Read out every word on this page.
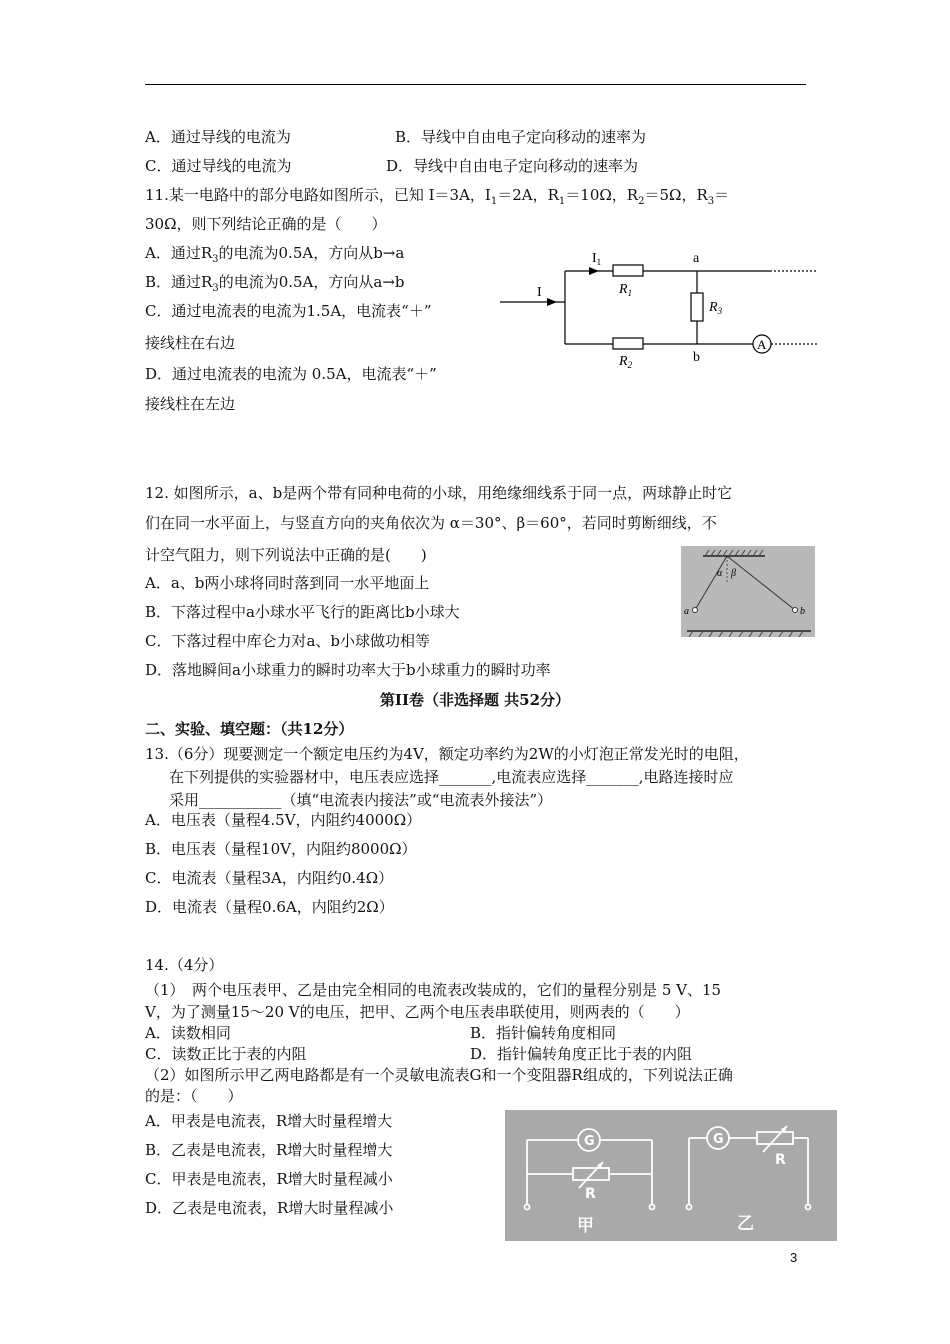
A．通过导线的电流为	B．导线中自由电子定向移动的速率为
C．通过导线的电流为	D．导线中自由电子定向移动的速率为
11.某一电路中的部分电路如图所示，已知 I＝3A，$I_1=2A$，$R_1=10\Omega$，$R_2=5\Omega$，$R_3=$
30Ω，则下列结论正确的是（　　）
A．通过$R_3$的电流为0.5A，方向从b→a
B．通过$R_3$的电流为0.5A，方向从a→b
C．通过电流表的电流为1.5A，电流表“＋”
接线柱在右边
D．通过电流表的电流为 0.5A，电流表“＋”
接线柱在左边
I
$I_1$
$R_1$
$R_2$
$R_3$
a
b
A
12. 如图所示，a、b是两个带有同种电荷的小球，用绝缘细线系于同一点，两球静止时它
们在同一水平面上，与竖直方向的夹角依次为 α＝30°、β＝60°，若同时剪断细线，不
计空气阻力，则下列说法中正确的是(　　)
A．a、b两小球将同时落到同一水平地面上
B．下落过程中a小球水平飞行的距离比b小球大
C．下落过程中库仑力对a、b小球做功相等
D．落地瞬间a小球重力的瞬时功率大于b小球重力的瞬时功率
α β
a	b
第II卷（非选择题 共52分）
二、实验、填空题：（共12分）
13.（6分）现要测定一个额定电压约为4V，额定功率约为2W的小灯泡正常发光时的电阻，
在下列提供的实验器材中，电压表应选择_______,电流表应选择_______,电路连接时应
采用___________（填“电流表内接法”或“电流表外接法”）
A．电压表（量程4.5V，内阻约4000Ω）
B．电压表（量程10V，内阻约8000Ω）
C．电流表（量程3A，内阻约0.4Ω）
D．电流表（量程0.6A，内阻约2Ω）
14.（4分）
（1）　两个电压表甲、乙是由完全相同的电流表改装成的，它们的量程分别是 5 V、15
V，为了测量15～20 V的电压，把甲、乙两个电压表串联使用，则两表的（　　）
A．读数相同	B．指针偏转角度相同
C．读数正比于表的内阻	D．指针偏转角度正比于表的内阻
（2）如图所示甲乙两电路都是有一个灵敏电流表G和一个变阻器R组成的，下列说法正确
的是：（　　）
A．甲表是电流表，R增大时量程增大
B．乙表是电流表，R增大时量程增大
C．甲表是电流表，R增大时量程减小
D．乙表是电流表，R增大时量程减小
G	G
R
R
甲	乙
3
